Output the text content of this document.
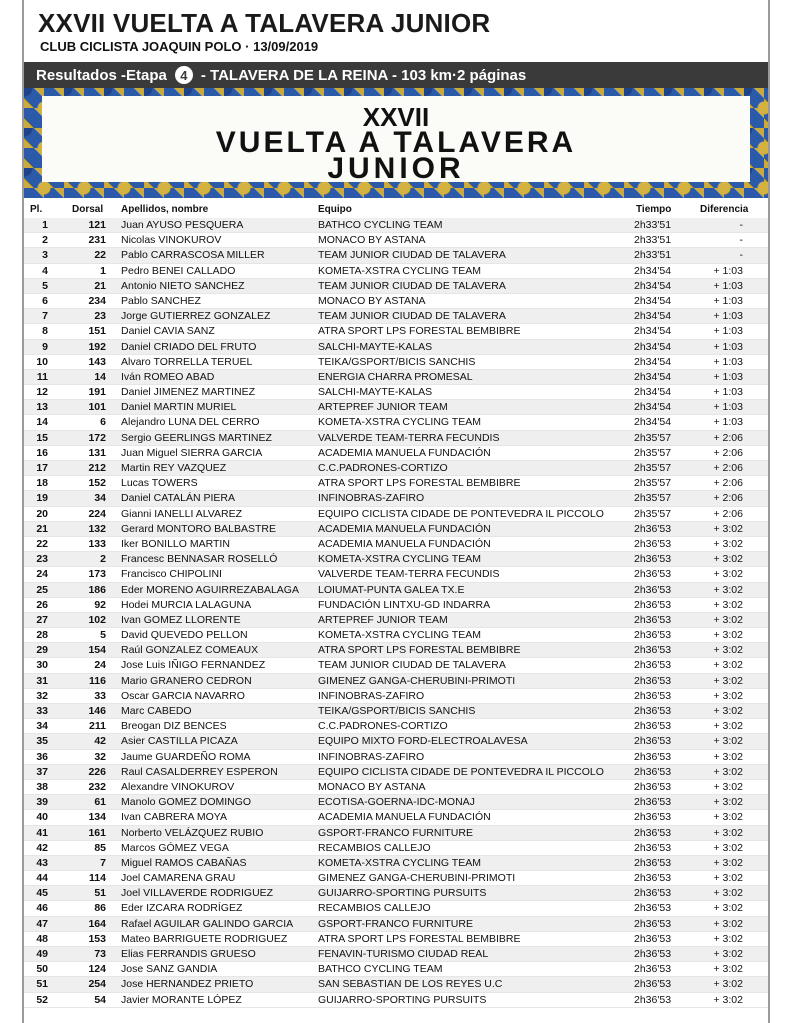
XXVII VUELTA A TALAVERA JUNIOR
CLUB CICLISTA JOAQUIN POLO · 13/09/2019
Resultados - Etapa	4 - TALAVERA DE LA REINA - 103 km · 2 páginas
XXVII
VUELTA A TALAVERA
JUNIOR
Pl.	Dorsal	Apellidos, nombre	Equipo	Tiempo	Diferencia
1	121 Juan AYUSO PESQUERA	BATHCO CYCLING TEAM	2h33'51	-
2	231 Nicolas VINOKUROV	MONACO BY ASTANA	2h33'51	-
3	22 Pablo CARRASCOSA MILLER	TEAM JUNIOR CIUDAD DE TALAVERA	2h33'51	-
4	1 Pedro BENEI CALLADO	KOMETA-XSTRA CYCLING TEAM	2h34'54	+ 1:03
5	21 Antonio NIETO SANCHEZ	TEAM JUNIOR CIUDAD DE TALAVERA	2h34'54	+ 1:03
6	234 Pablo SANCHEZ	MONACO BY ASTANA	2h34'54	+ 1:03
7	23 Jorge GUTIERREZ GONZALEZ	TEAM JUNIOR CIUDAD DE TALAVERA	2h34'54	+ 1:03
8	151 Daniel CAVIA SANZ	ATRA SPORT LPS FORESTAL BEMBIBRE	2h34'54	+ 1:03
9	192 Daniel CRIADO DEL FRUTO	SALCHI-MAYTE-KALAS	2h34'54	+ 1:03
10	143 Alvaro TORRELLA TERUEL	TEIKA/GSPORT/BICIS SANCHIS	2h34'54	+ 1:03
11	14 Iván ROMEO ABAD	ENERGIA CHARRA PROMESAL	2h34'54	+ 1:03
12	191 Daniel JIMENEZ MARTINEZ	SALCHI-MAYTE-KALAS	2h34'54	+ 1:03
13	101 Daniel MARTIN MURIEL	ARTEPREF JUNIOR TEAM	2h34'54	+ 1:03
14	6 Alejandro LUNA DEL CERRO	KOMETA-XSTRA CYCLING TEAM	2h34'54	+ 1:03
15	172 Sergio GEERLINGS MARTINEZ	VALVERDE TEAM-TERRA FECUNDIS	2h35'57	+ 2:06
16	131 Juan Miguel SIERRA GARCIA	ACADEMIA MANUELA FUNDACIÓN	2h35'57	+ 2:06
17	212 Martin REY VAZQUEZ	C.C.PADRONES-CORTIZO	2h35'57	+ 2:06
18	152 Lucas TOWERS	ATRA SPORT LPS FORESTAL BEMBIBRE	2h35'57	+ 2:06
19	34 Daniel CATALÁN PIERA	INFINOBRAS-ZAFIRO	2h35'57	+ 2:06
20	224 Gianni IANELLI ALVAREZ	EQUIPO CICLISTA CIDADE DE PONTEVEDRA IL PICCOLO	2h35'57	+ 2:06
21	132 Gerard MONTORO BALBASTRE	ACADEMIA MANUELA FUNDACIÓN	2h36'53	+ 3:02
22	133 Iker BONILLO MARTIN	ACADEMIA MANUELA FUNDACIÓN	2h36'53	+ 3:02
23	2 Francesc BENNASAR ROSELLÓ	KOMETA-XSTRA CYCLING TEAM	2h36'53	+ 3:02
24	173 Francisco CHIPOLINI	VALVERDE TEAM-TERRA FECUNDIS	2h36'53	+ 3:02
25	186 Eder MORENO AGUIRREZABALAGA	LOIUMAT-PUNTA GALEA TX.E	2h36'53	+ 3:02
26	92 Hodei MURCIA LALAGUNA	FUNDACIÓN LINTXU-GD INDARRA	2h36'53	+ 3:02
27	102 Ivan GOMEZ LLORENTE	ARTEPREF JUNIOR TEAM	2h36'53	+ 3:02
28	5 David QUEVEDO PELLON	KOMETA-XSTRA CYCLING TEAM	2h36'53	+ 3:02
29	154 Raúl GONZALEZ COMEAUX	ATRA SPORT LPS FORESTAL BEMBIBRE	2h36'53	+ 3:02
30	24 Jose Luis IÑIGO FERNANDEZ	TEAM JUNIOR CIUDAD DE TALAVERA	2h36'53	+ 3:02
31	116 Mario GRANERO CEDRON	GIMENEZ GANGA-CHERUBINI-PRIMOTI	2h36'53	+ 3:02
32	33 Oscar GARCIA NAVARRO	INFINOBRAS-ZAFIRO	2h36'53	+ 3:02
33	146 Marc CABEDO	TEIKA/GSPORT/BICIS SANCHIS	2h36'53	+ 3:02
34	211 Breogan DIZ BENCES	C.C.PADRONES-CORTIZO	2h36'53	+ 3:02
35	42 Asier CASTILLA PICAZA	EQUIPO MIXTO FORD-ELECTROALAVESA	2h36'53	+ 3:02
36	32 Jaume GUARDEÑO ROMA	INFINOBRAS-ZAFIRO	2h36'53	+ 3:02
37	226 Raul CASALDERREY ESPERON	EQUIPO CICLISTA CIDADE DE PONTEVEDRA IL PICCOLO	2h36'53	+ 3:02
38	232 Alexandre VINOKUROV	MONACO BY ASTANA	2h36'53	+ 3:02
39	61 Manolo GOMEZ DOMINGO	ECOTISA-GOERNA-IDC-MONAJ	2h36'53	+ 3:02
40	134 Ivan CABRERA MOYA	ACADEMIA MANUELA FUNDACIÓN	2h36'53	+ 3:02
41	161 Norberto VELÁZQUEZ RUBIO	GSPORT-FRANCO FURNITURE	2h36'53	+ 3:02
42	85 Marcos GÓMEZ VEGA	RECAMBIOS CALLEJO	2h36'53	+ 3:02
43	7 Miguel RAMOS CABAÑAS	KOMETA-XSTRA CYCLING TEAM	2h36'53	+ 3:02
44	114 Joel CAMARENA GRAU	GIMENEZ GANGA-CHERUBINI-PRIMOTI	2h36'53	+ 3:02
45	51 Joel VILLAVERDE RODRIGUEZ	GUIJARRO-SPORTING PURSUITS	2h36'53	+ 3:02
46	86 Eder IZCARA RODRÍGEZ	RECAMBIOS CALLEJO	2h36'53	+ 3:02
47	164 Rafael AGUILAR GALINDO GARCIA	GSPORT-FRANCO FURNITURE	2h36'53	+ 3:02
48	153 Mateo BARRIGUETE RODRIGUEZ	ATRA SPORT LPS FORESTAL BEMBIBRE	2h36'53	+ 3:02
49	73 Elias FERRANDIS GRUESO	FENAVIN-TURISMO CIUDAD REAL	2h36'53	+ 3:02
50	124 Jose SANZ GANDIA	BATHCO CYCLING TEAM	2h36'53	+ 3:02
51	254 Jose HERNANDEZ PRIETO	SAN SEBASTIAN DE LOS REYES U.C	2h36'53	+ 3:02
52	54 Javier MORANTE LÓPEZ	GUIJARRO-SPORTING PURSUITS	2h36'53	+ 3:02
